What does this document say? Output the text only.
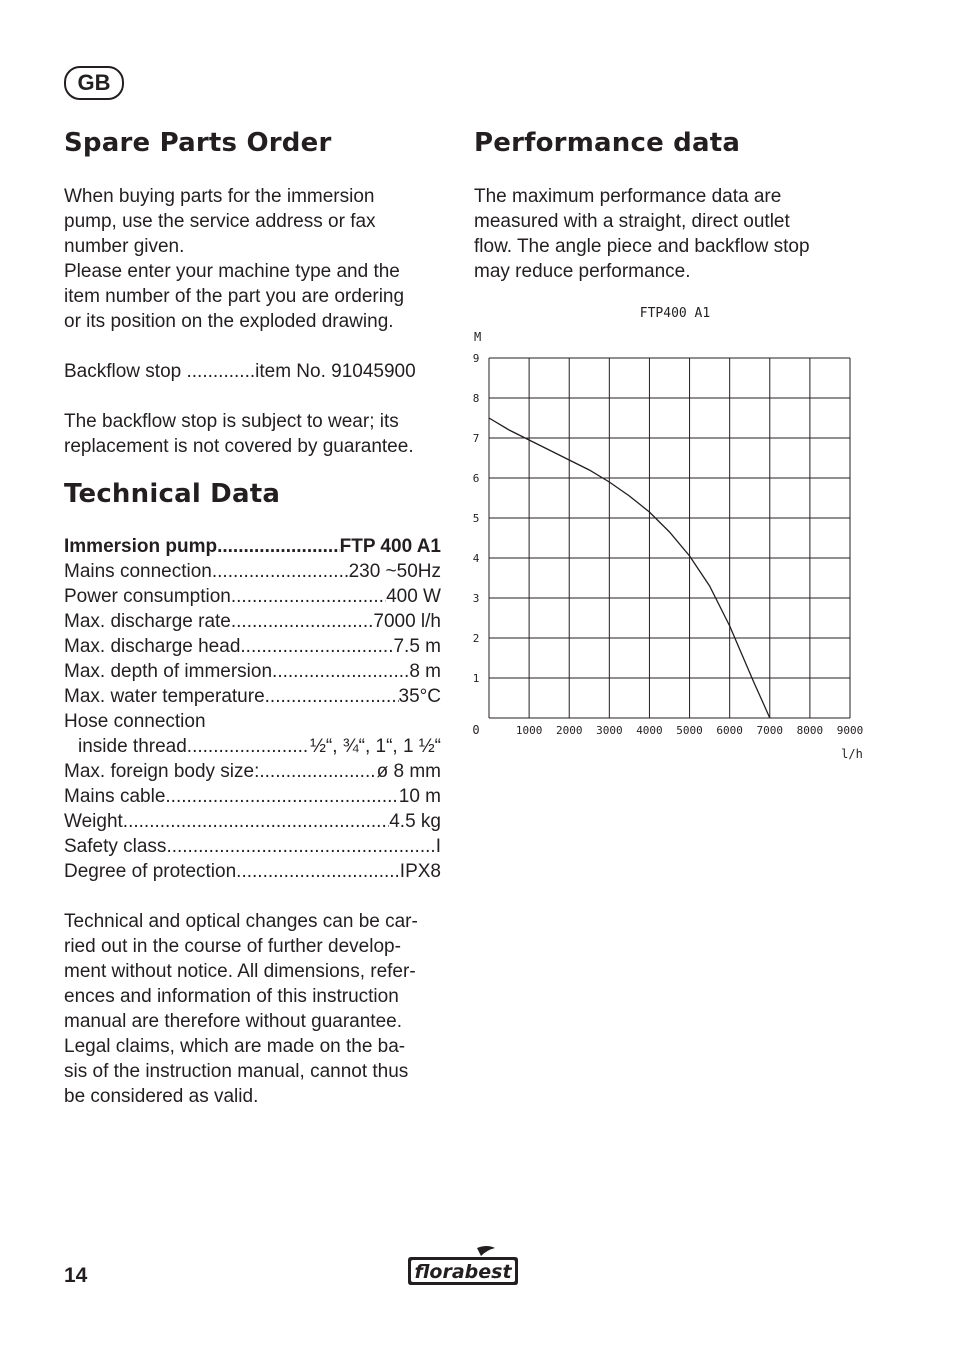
GB
Spare Parts Order

When buying parts for the immersion
pump, use the service address or fax
number given.
Please enter your machine type and the
item number of the part you are ordering
or its position on the exploded drawing.

Backflow stop .............item No. 91045900

The backflow stop is subject to wear; its
replacement is not covered by guarantee.

Technical Data
Immersion pump .....	FTP 400 A1
Mains connection .....	230 ~50Hz
Power consumption .....	400 W
Max. discharge rate. .....	7000 l/h
Max. discharge head. .....	7.5 m
Max. depth of immersion. .....	8 m
Max. water temperature .....	35°C
Hose connection
inside thread .....	½“, ¾“, 1“, 1 ½“
Max. foreign body size: .....	ø 8 mm
Mains cable .....	10 m
Weight .....	4.5 kg
Safety class .....	I
Degree of protection .....	IPX8

Technical and optical changes can be car-
ried out in the course of further develop-
ment without notice. All dimensions, refer-
ences and information of this instruction
manual are therefore without guarantee.
Legal claims, which are made on the ba-
sis of the instruction manual, cannot thus
be considered as valid.

Performance data

The maximum performance data are
measured with a straight, direct outlet
flow. The angle piece and backflow stop
may reduce performance.

1000 2000 3000 4000 5000 6000 7000 8000 9000
1
2
3
4
5
6
7
8
9
FTP400 A1
M
l/h
0
14	florabest
